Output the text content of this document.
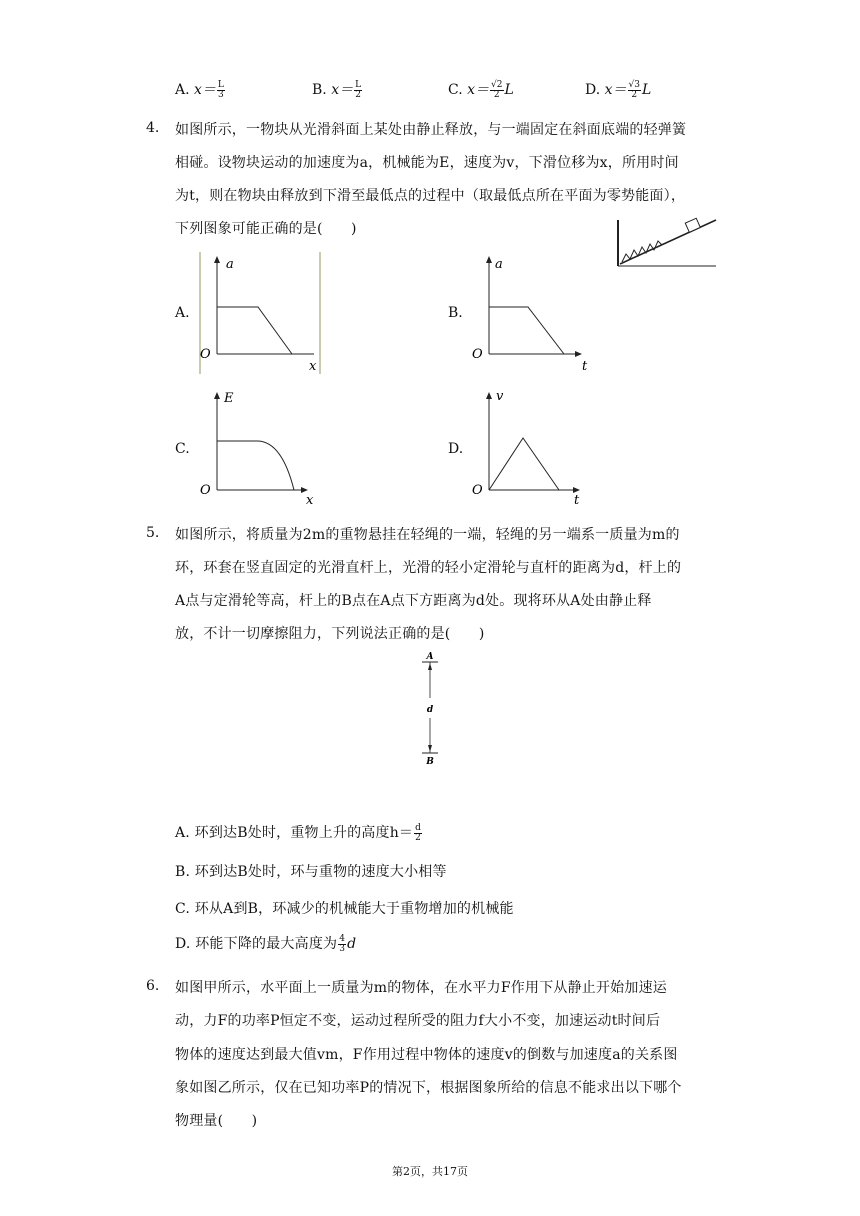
A. $x= \frac{L}{3}$	B. $x= \frac{L}{2}$	C. $x= \frac{√2}{2}$ L	D. $x= \frac{√3}{2}$ L
4. 如图所示，一物块从光滑斜面上某处由静止释放，与一端固定在斜面底端的轻弹簧
相碰。设物块运动的加速度为a，机械能为E，速度为v，下滑位移为x，所用时间
为t，则在物块由释放到下滑至最低点的过程中（取最低点所在平面为零势能面），
下列图象可能正确的是(　　)
A.
a
O
x
B.
a
O
t
C.
E
O
x
D.
v
O
t
5. 如图所示，将质量为2m的重物悬挂在轻绳的一端，轻绳的另一端系一质量为m的
环，环套在竖直固定的光滑直杆上，光滑的轻小定滑轮与直杆的距离为d，杆上的
A点与定滑轮等高，杆上的B点在A点下方距离为d处。现将环从A处由静止释
放，不计一切摩擦阻力，下列说法正确的是(　　)
A
d
B
A. 环到达B处时，重物上升的高度$h= \frac{d}{2}$
B. 环到达B处时，环与重物的速度大小相等
C. 环从A到B，环减少的机械能大于重物增加的机械能
D. 环能下降的最大高度为 $\frac{4}{3}$ d
6. 如图甲所示，水平面上一质量为m的物体，在水平力F作用下从静止开始加速运
动，力F的功率P恒定不变，运动过程所受的阻力f大小不变，加速运动t时间后
物体的速度达到最大值vm，F作用过程中物体的速度v的倒数与加速度a的关系图
象如图乙所示，仅在已知功率P的情况下，根据图象所给的信息不能求出以下哪个
物理量(　　)
第2页，共17页
